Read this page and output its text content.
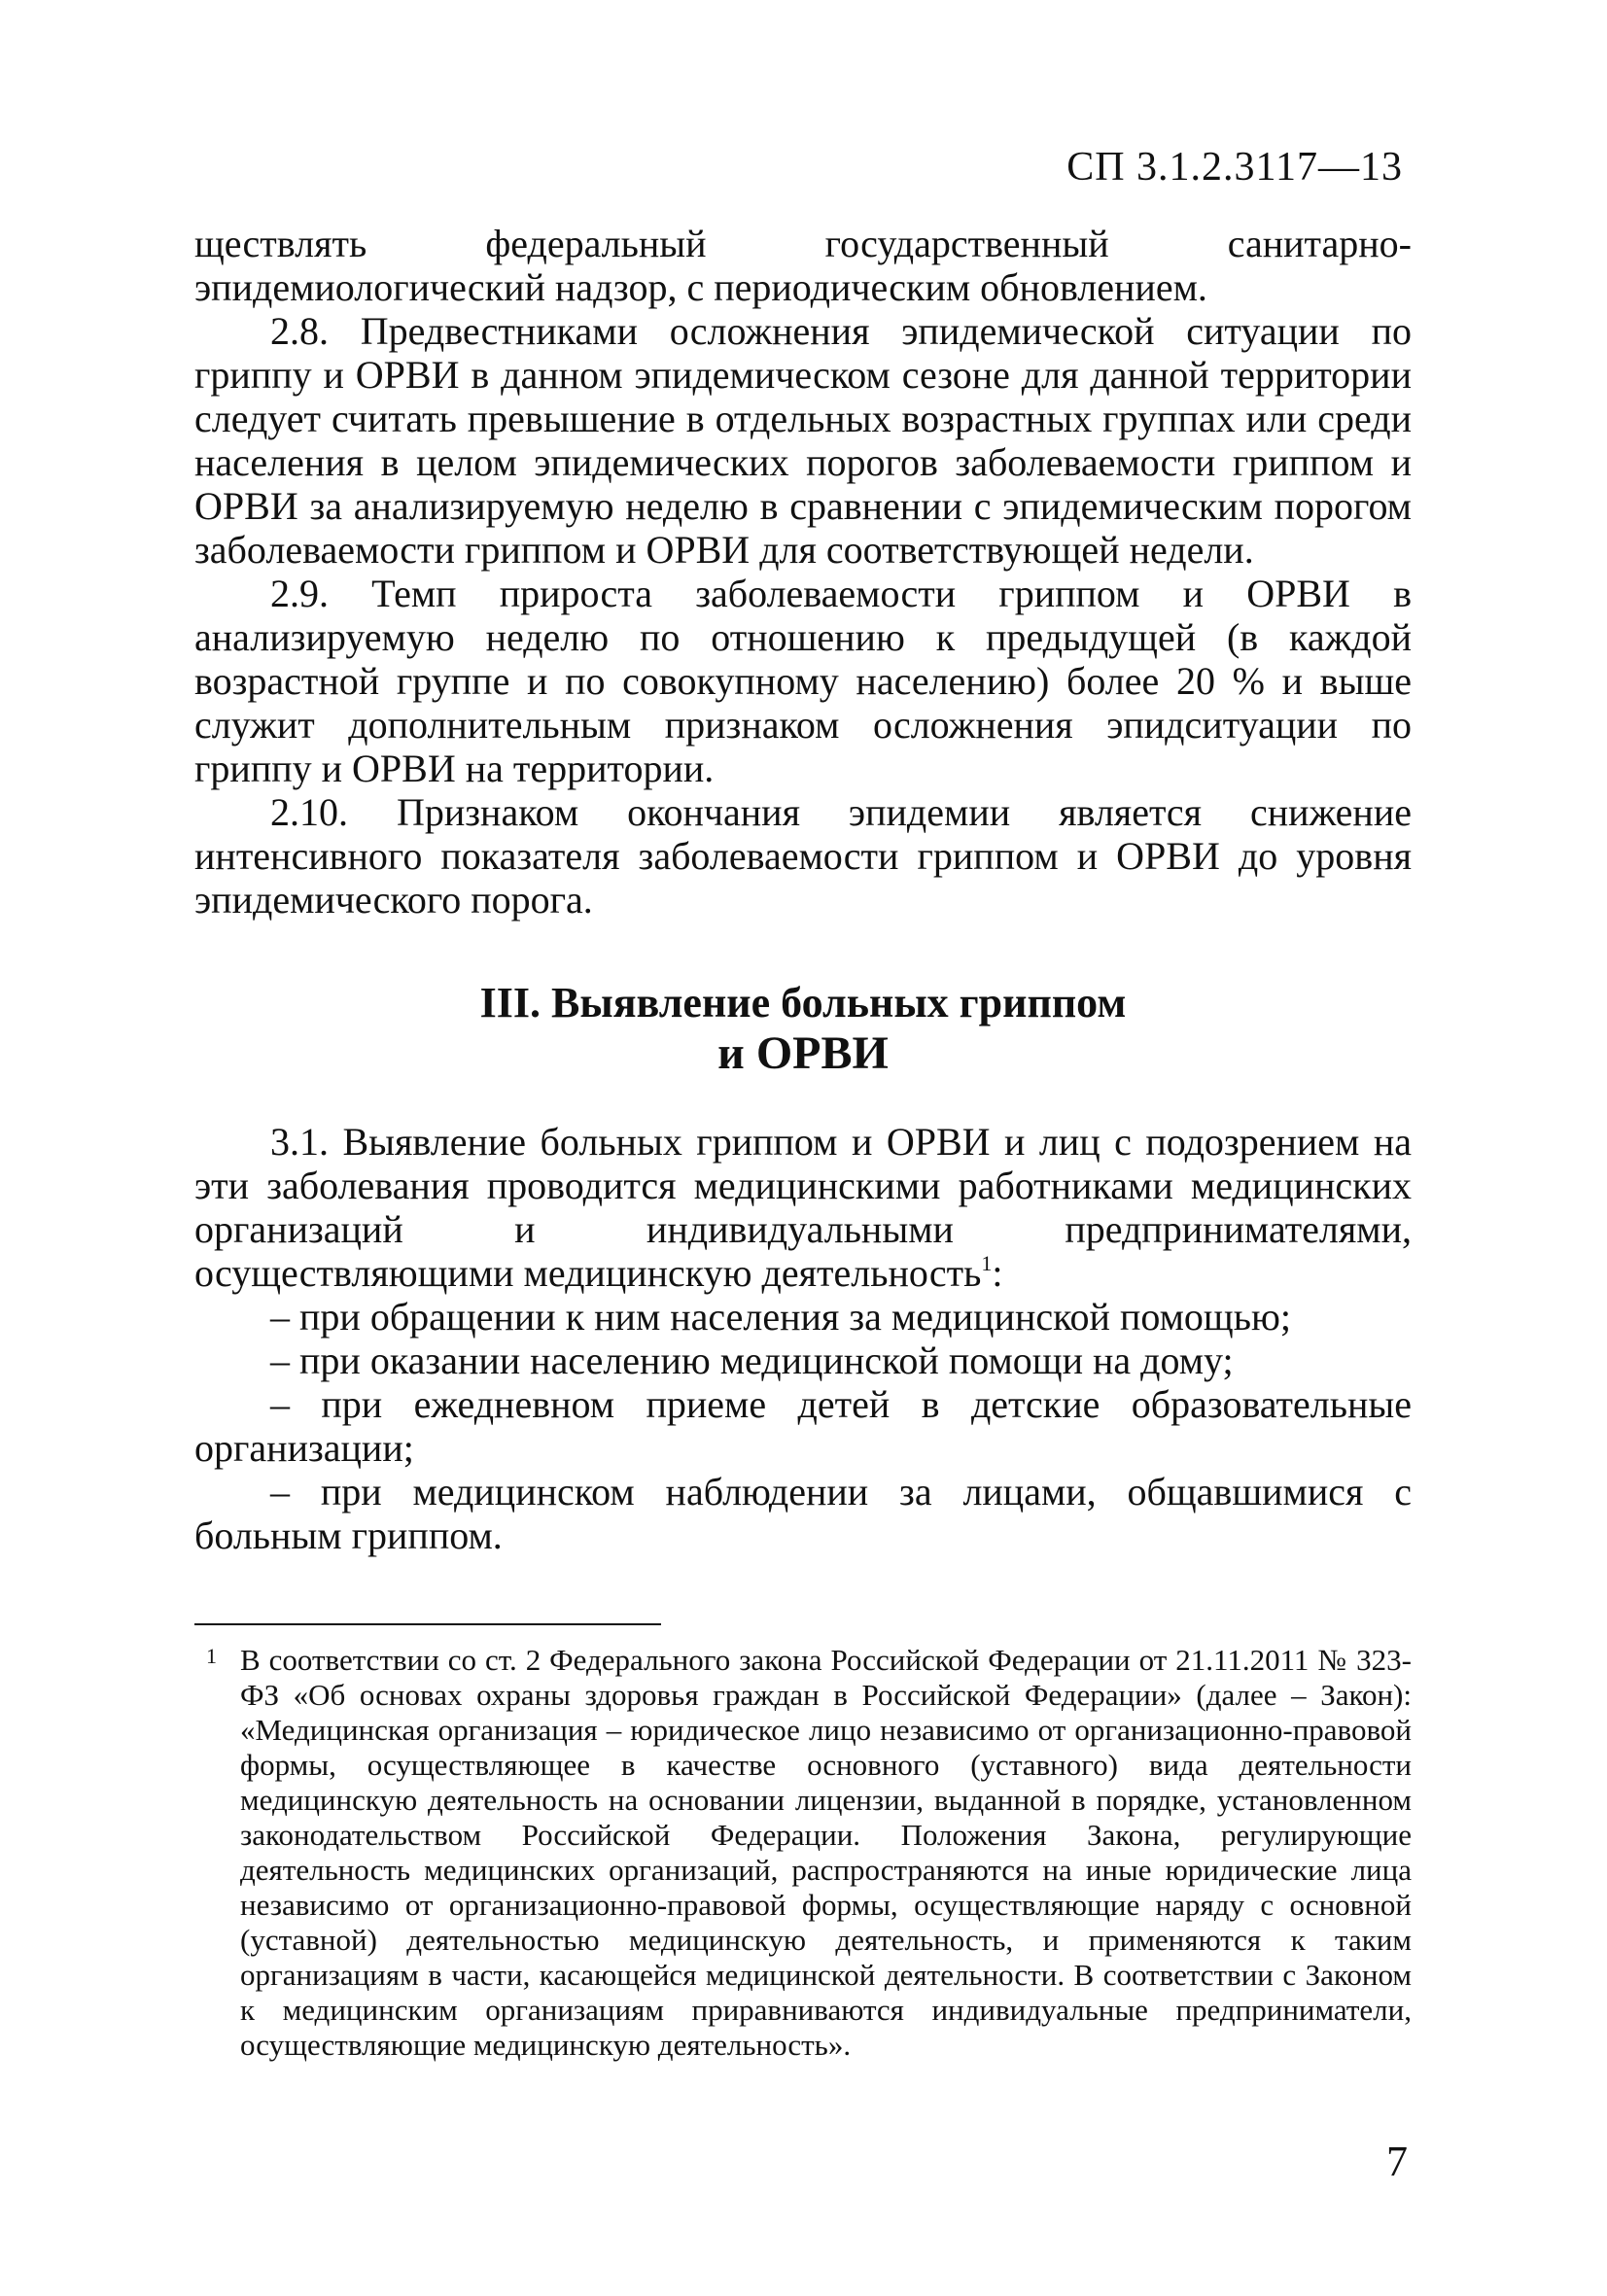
СП 3.1.2.3117—13

ществлять федеральный государственный санитарно-эпидемиологический надзор, с периодическим обновлением.

2.8. Предвестниками осложнения эпидемической ситуации по гриппу и ОРВИ в данном эпидемическом сезоне для данной территории следует считать превышение в отдельных возрастных группах или среди населения в целом эпидемических порогов заболеваемости гриппом и ОРВИ за анализируемую неделю в сравнении с эпидемическим порогом заболеваемости гриппом и ОРВИ для соответствующей недели.

2.9. Темп прироста заболеваемости гриппом и ОРВИ в анализируемую неделю по отношению к предыдущей (в каждой возрастной группе и по совокупному населению) более 20 % и выше служит дополнительным признаком осложнения эпидситуации по гриппу и ОРВИ на территории.

2.10. Признаком окончания эпидемии является снижение интенсивного показателя заболеваемости гриппом и ОРВИ до уровня эпидемического порога.

III. Выявление больных гриппом
и ОРВИ

3.1. Выявление больных гриппом и ОРВИ и лиц с подозрением на эти заболевания проводится медицинскими работниками медицинских организаций и индивидуальными предпринимателями, осуществляющими медицинскую деятельность$^1$:

– при обращении к ним населения за медицинской помощью;

– при оказании населению медицинской помощи на дому;

– при ежедневном приеме детей в детские образовательные организации;

– при медицинском наблюдении за лицами, общавшимися с больным гриппом.

1 В соответствии со ст. 2 Федерального закона Российской Федерации от 21.11.2011 № 323-ФЗ «Об основах охраны здоровья граждан в Российской Федерации» (далее – Закон): «Медицинская организация – юридическое лицо независимо от организационно-правовой формы, осуществляющее в качестве основного (уставного) вида деятельности медицинскую деятельность на основании лицензии, выданной в порядке, установленном законодательством Российской Федерации. Положения Закона, регулирующие деятельность медицинских организаций, распространяются на иные юридические лица независимо от организационно-правовой формы, осуществляющие наряду с основной (уставной) деятельностью медицинскую деятельность, и применяются к таким организациям в части, касающейся медицинской деятельности. В соответствии с Законом к медицинским организациям приравниваются индивидуальные предприниматели, осуществляющие медицинскую деятельность».
7
